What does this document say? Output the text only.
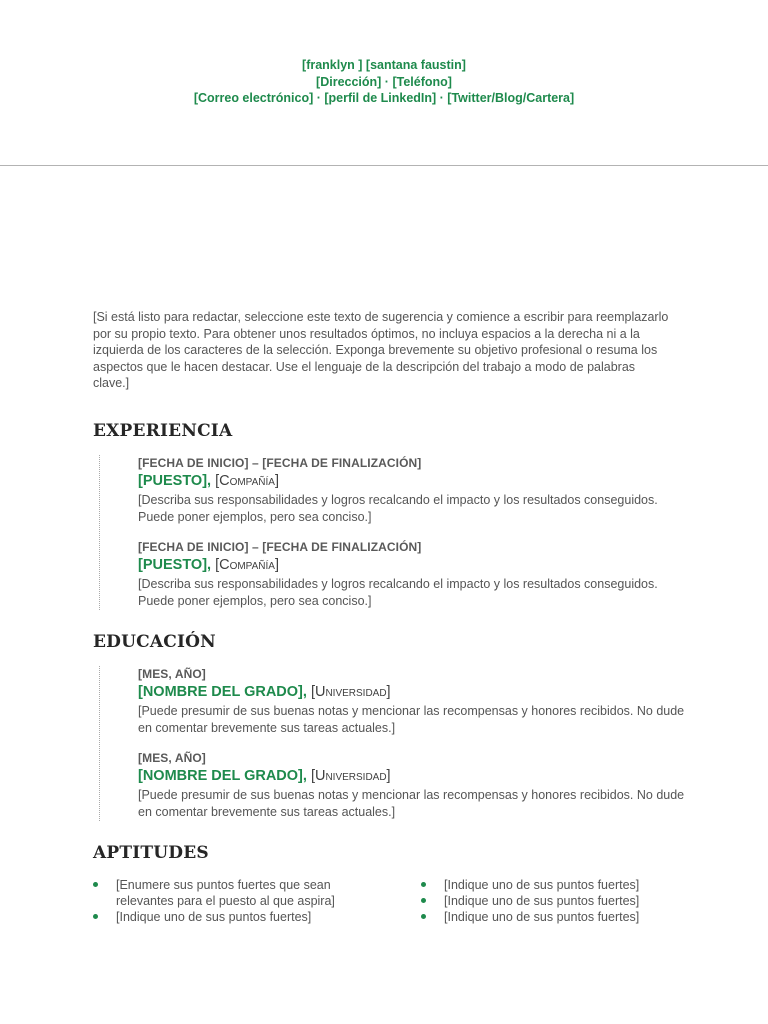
[franklyn ] [santana faustin]
[Dirección] · [Teléfono]
[Correo electrónico] · [perfil de LinkedIn] · [Twitter/Blog/Cartera]
[Si está listo para redactar, seleccione este texto de sugerencia y comience a escribir para reemplazarlo por su propio texto. Para obtener unos resultados óptimos, no incluya espacios a la derecha ni a la izquierda de los caracteres de la selección. Exponga brevemente su objetivo profesional o resuma los aspectos que le hacen destacar. Use el lenguaje de la descripción del trabajo a modo de palabras clave.]
EXPERIENCIA
[FECHA DE INICIO] – [FECHA DE FINALIZACIÓN]
[PUESTO], [Compañía]
[Describa sus responsabilidades y logros recalcando el impacto y los resultados conseguidos. Puede poner ejemplos, pero sea conciso.]
[FECHA DE INICIO] – [FECHA DE FINALIZACIÓN]
[PUESTO], [Compañía]
[Describa sus responsabilidades y logros recalcando el impacto y los resultados conseguidos. Puede poner ejemplos, pero sea conciso.]
EDUCACIÓN
[MES, AÑO]
[NOMBRE DEL GRADO], [Universidad]
[Puede presumir de sus buenas notas y mencionar las recompensas y honores recibidos. No dude en comentar brevemente sus tareas actuales.]
[MES, AÑO]
[NOMBRE DEL GRADO], [Universidad]
[Puede presumir de sus buenas notas y mencionar las recompensas y honores recibidos. No dude en comentar brevemente sus tareas actuales.]
APTITUDES
[Enumere sus puntos fuertes que sean relevantes para el puesto al que aspira]
[Indique uno de sus puntos fuertes]
[Indique uno de sus puntos fuertes]
[Indique uno de sus puntos fuertes]
[Indique uno de sus puntos fuertes]
